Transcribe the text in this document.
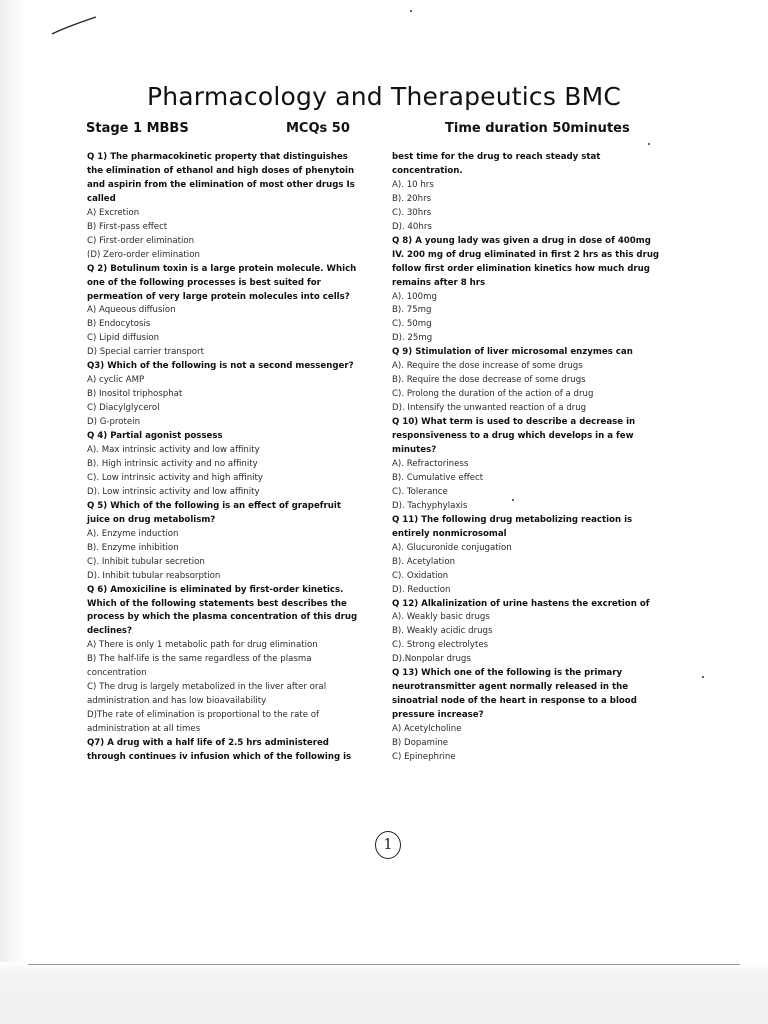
Pharmacology and Therapeutics BMC
Stage 1 MBBS	MCQs 50	Time duration 50minutes
Q 1) The pharmacokinetic property that distinguishes the elimination of ethanol and high doses of phenytoin and aspirin from the elimination of most other drugs Is called
A) Excretion
B) First-pass effect
C) First-order elimination
(D) Zero-order elimination
Q 2) Botulinum toxin is a large protein molecule. Which one of the following processes is best suited for permeation of very large protein molecules into cells?
A) Aqueous diffusion
B) Endocytosis
C) Lipid diffusion
D) Special carrier transport
Q3) Which of the following is not a second messenger?
A) cyclic AMP
B) Inositol triphosphat
C) Diacylglycerol
D) G-protein
Q 4) Partial agonist possess
A). Max intrinsic activity and low affinity
B). High intrinsic activity and no affinity
C). Low intrinsic activity and high affinity
D). Low intrinsic activity and low affinity
Q 5) Which of the following is an effect of grapefruit juice on drug metabolism?
A). Enzyme induction
B). Enzyme inhibition
C). Inhibit tubular secretion
D). Inhibit tubular reabsorption
Q 6) Amoxiciline is eliminated by first-order kinetics. Which of the following statements best describes the process by which the plasma concentration of this drug declines?
A) There is only 1 metabolic path for drug elimination
B) The half-life is the same regardless of the plasma concentration
C) The drug is largely metabolized in the liver after oral administration and has low bioavailability
D)The rate of elimination is proportional to the rate of administration at all times
Q7) A drug with a half life of 2.5 hrs administered through continues iv infusion which of the following is
best time for the drug to reach steady stat concentration.
A). 10 hrs
B). 20hrs
C). 30hrs
D). 40hrs
Q 8) A young lady was given a drug in dose of 400mg IV. 200 mg of drug eliminated in first 2 hrs as this drug follow first order elimination kinetics how much drug remains after 8 hrs
A). 100mg
B). 75mg
C). 50mg
D). 25mg
Q 9) Stimulation of liver microsomal enzymes can
A). Require the dose increase of some drugs
B). Require the dose decrease of some drugs
C). Prolong the duration of the action of a drug
D). Intensify the unwanted reaction of a drug
Q 10) What term is used to describe a decrease in responsiveness to a drug which develops in a few minutes?
A). Refractoriness
B). Cumulative effect
C). Tolerance
D). Tachyphylaxis
Q 11) The following drug metabolizing reaction is entirely nonmicrosomal
A). Glucuronide conjugation
B). Acetylation
C). Oxidation
D). Reduction
Q 12) Alkalinization of urine hastens the excretion of
A). Weakly basic drugs
B). Weakly acidic drugs
C). Strong electrolytes
D).Nonpolar drugs
Q 13) Which one of the following is the primary neurotransmitter agent normally released in the sinoatrial node of the heart in response to a blood pressure increase?
A) Acetylcholine
B) Dopamine
C) Epinephrine
1
